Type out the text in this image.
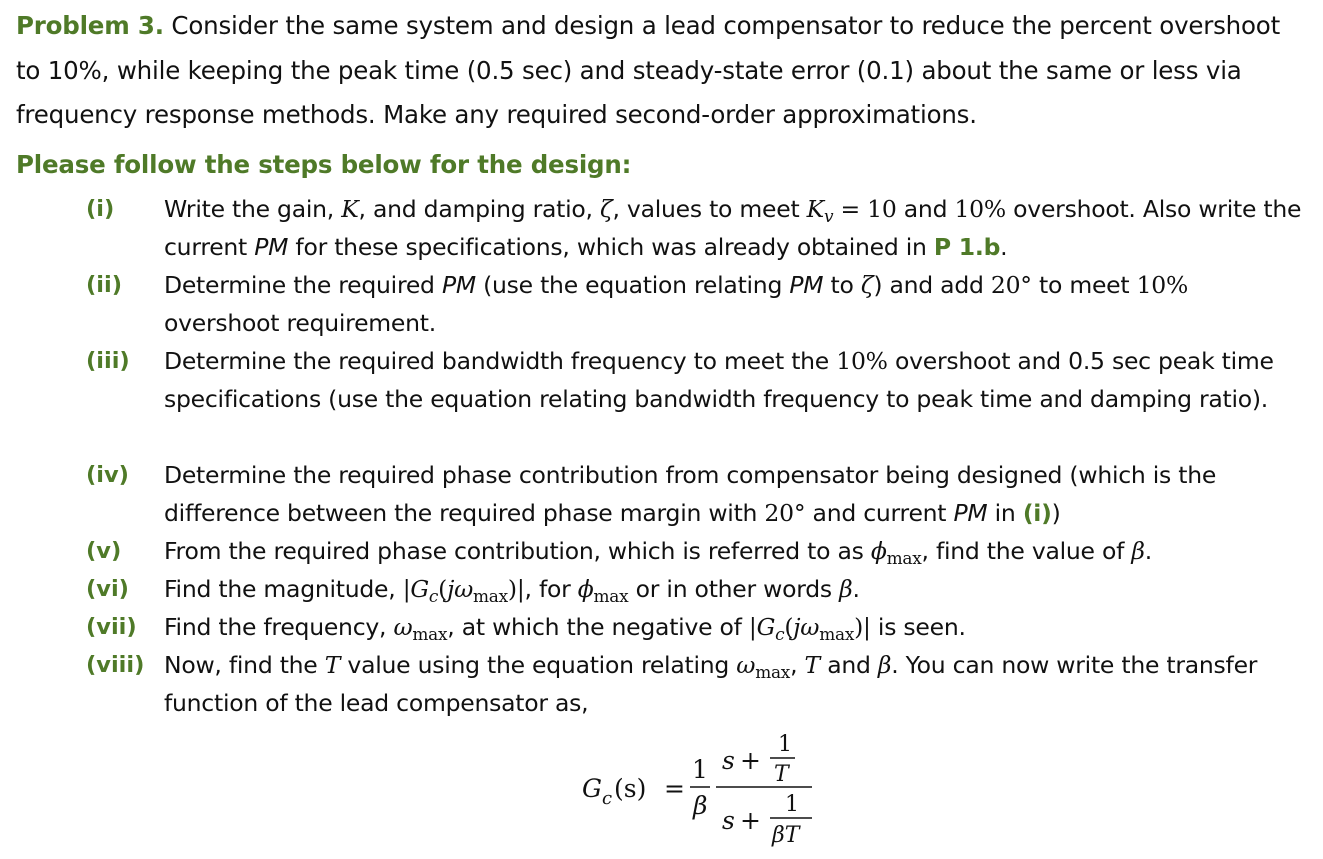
Problem 3. Consider the same system and design a lead compensator to reduce the percent overshoot to 10%, while keeping the peak time (0.5 sec) and steady-state error (0.1) about the same or less via frequency response methods. Make any required second-order approximations.
Please follow the steps below for the design:
(i) Write the gain, K, and damping ratio, ζ, values to meet $K_v = 10$ and 10% overshoot. Also write the current PM for these specifications, which was already obtained in P 1.b.
(ii) Determine the required PM (use the equation relating PM to ζ) and add 20° to meet 10% overshoot requirement.
(iii) Determine the required bandwidth frequency to meet the 10% overshoot and 0.5 sec peak time specifications (use the equation relating bandwidth frequency to peak time and damping ratio).
(iv) Determine the required phase contribution from compensator being designed (which is the difference between the required phase margin with 20° and current PM in (i))
(v) From the required phase contribution, which is referred to as $\phi_{max}$, find the value of β.
(vi) Find the magnitude, $|G_c(j\omega_{max})|$, for $\phi_{max}$ or in other words β.
(vii) Find the frequency, $\omega_{max}$, at which the negative of $|G_c(j\omega_{max})|$ is seen.
(viii) Now, find the T value using the equation relating $\omega_{max}$, T and β. You can now write the transfer function of the lead compensator as,
G c (s) =
1
β
s +
1
T
s +
1
βT
